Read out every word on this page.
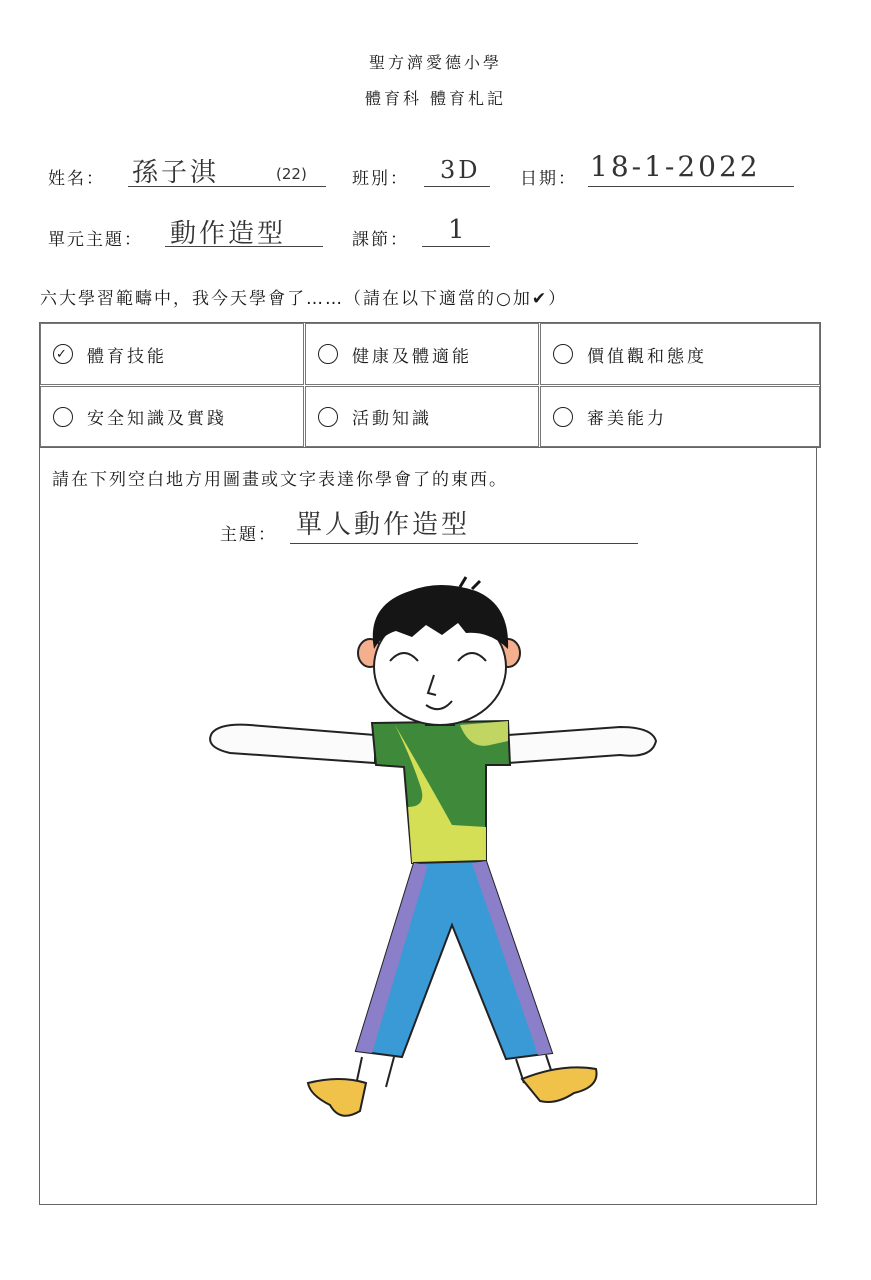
聖方濟愛德小學
體育科 體育札記
姓名： 孫子淇	(22)	班別： 3D 日期： 18-1-2022
單元主題： 動作造型	課節： 1
六大學習範疇中，我今天學會了……（請在以下適當的○加✔）
✓ 體育技能	健康及體適能	價值觀和態度
安全知識及實踐	活動知識	審美能力
請在下列空白地方用圖畫或文字表達你學會了的東西。
主題： 單人動作造型
